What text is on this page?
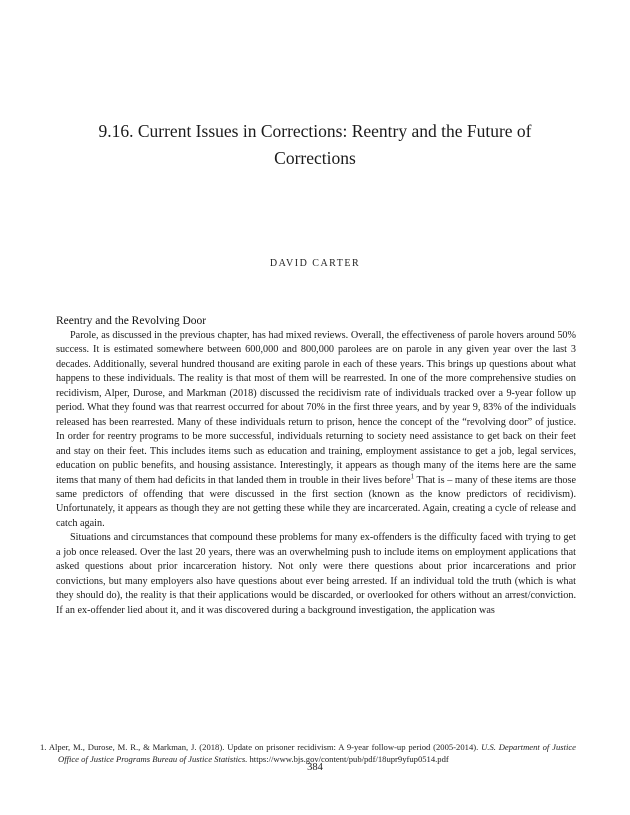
9.16. Current Issues in Corrections: Reentry and the Future of Corrections
DAVID CARTER
Reentry and the Revolving Door

Parole, as discussed in the previous chapter, has had mixed reviews. Overall, the effectiveness of parole hovers around 50% success. It is estimated somewhere between 600,000 and 800,000 parolees are on parole in any given year over the last 3 decades. Additionally, several hundred thousand are exiting parole in each of these years. This brings up questions about what happens to these individuals. The reality is that most of them will be rearrested. In one of the more comprehensive studies on recidivism, Alper, Durose, and Markman (2018) discussed the recidivism rate of individuals tracked over a 9-year follow up period. What they found was that rearrest occurred for about 70% in the first three years, and by year 9, 83% of the individuals released has been rearrested. Many of these individuals return to prison, hence the concept of the “revolving door” of justice. In order for reentry programs to be more successful, individuals returning to society need assistance to get back on their feet and stay on their feet. This includes items such as education and training, employment assistance to get a job, legal services, education on public benefits, and housing assistance. Interestingly, it appears as though many of the items here are the same items that many of them had deficits in that landed them in trouble in their lives before$^1$ That is – many of these items are those same predictors of offending that were discussed in the first section (known as the know predictors of recidivism). Unfortunately, it appears as though they are not getting these while they are incarcerated. Again, creating a cycle of release and catch again.

Situations and circumstances that compound these problems for many ex-offenders is the difficulty faced with trying to get a job once released. Over the last 20 years, there was an overwhelming push to include items on employment applications that asked questions about prior incarceration history. Not only were there questions about prior incarcerations and prior convictions, but many employers also have questions about ever being arrested. If an individual told the truth (which is what they should do), the reality is that their applications would be discarded, or overlooked for others without an arrest/conviction. If an ex-offender lied about it, and it was discovered during a background investigation, the application was

1. Alper, M., Durose, M. R., & Markman, J. (2018). Update on prisoner recidivism: A 9-year follow-up period (2005-2014). U.S. Department of Justice Office of Justice Programs Bureau of Justice Statistics. https://www.bjs.gov/content/pub/pdf/18upr9yfup0514.pdf

384
